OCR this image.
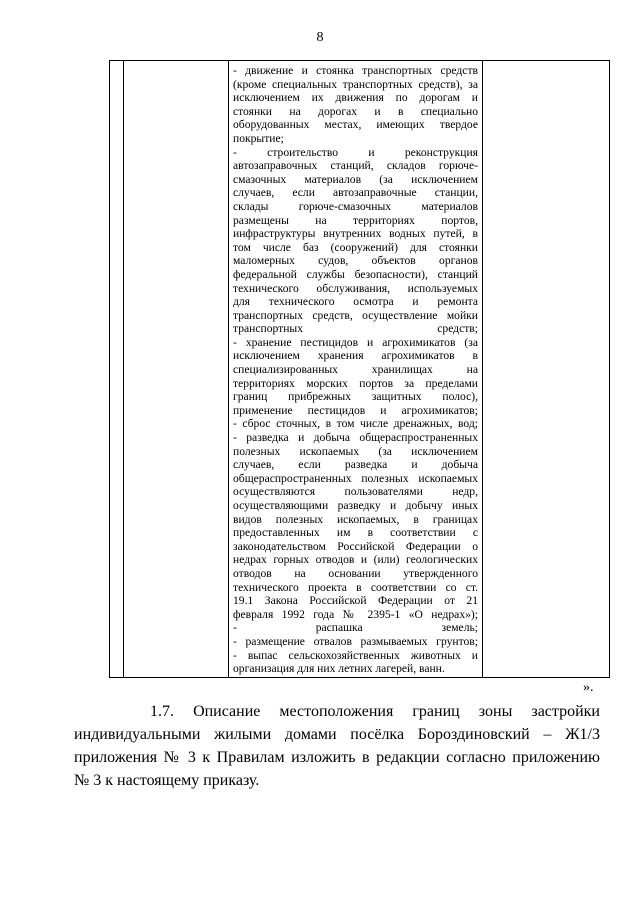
8
- движение и стоянка транспортных средств
(кроме специальных транспортных средств), за
исключением их движения по дорогам и
стоянки на дорогах и в специально
оборудованных местах, имеющих твердое
покрытие;
- строительство и реконструкция
автозаправочных станций, складов горюче-
смазочных материалов (за исключением
случаев, если автозаправочные станции,
склады горюче-смазочных материалов
размещены на территориях портов,
инфраструктуры внутренних водных путей, в
том числе баз (сооружений) для стоянки
маломерных судов, объектов органов
федеральной службы безопасности), станций
технического обслуживания, используемых
для технического осмотра и ремонта
транспортных средств, осуществление мойки
транспортных средств;
- хранение пестицидов и агрохимикатов (за
исключением хранения агрохимикатов в
специализированных хранилищах на
территориях морских портов за пределами
границ прибрежных защитных полос),
применение пестицидов и агрохимикатов;
- сброс сточных, в том числе дренажных, вод;
- разведка и добыча общераспространенных
полезных ископаемых (за исключением
случаев, если разведка и добыча
общераспространенных полезных ископаемых
осуществляются пользователями недр,
осуществляющими разведку и добычу иных
видов полезных ископаемых, в границах
предоставленных им в соответствии с
законодательством Российской Федерации о
недрах горных отводов и (или) геологических
отводов на основании утвержденного
технического проекта в соответствии со ст.
19.1 Закона Российской Федерации от 21
февраля 1992 года № 2395-1 «О недрах»);
- распашка земель;
- размещение отвалов размываемых грунтов;
- выпас сельскохозяйственных животных и
организация для них летних лагерей, ванн.
».
1.7. Описание местоположения границ зоны застройки
индивидуальными жилыми домами посёлка Бороздиновский – Ж1/3
приложения № 3 к Правилам изложить в редакции согласно приложению
№ 3 к настоящему приказу.
